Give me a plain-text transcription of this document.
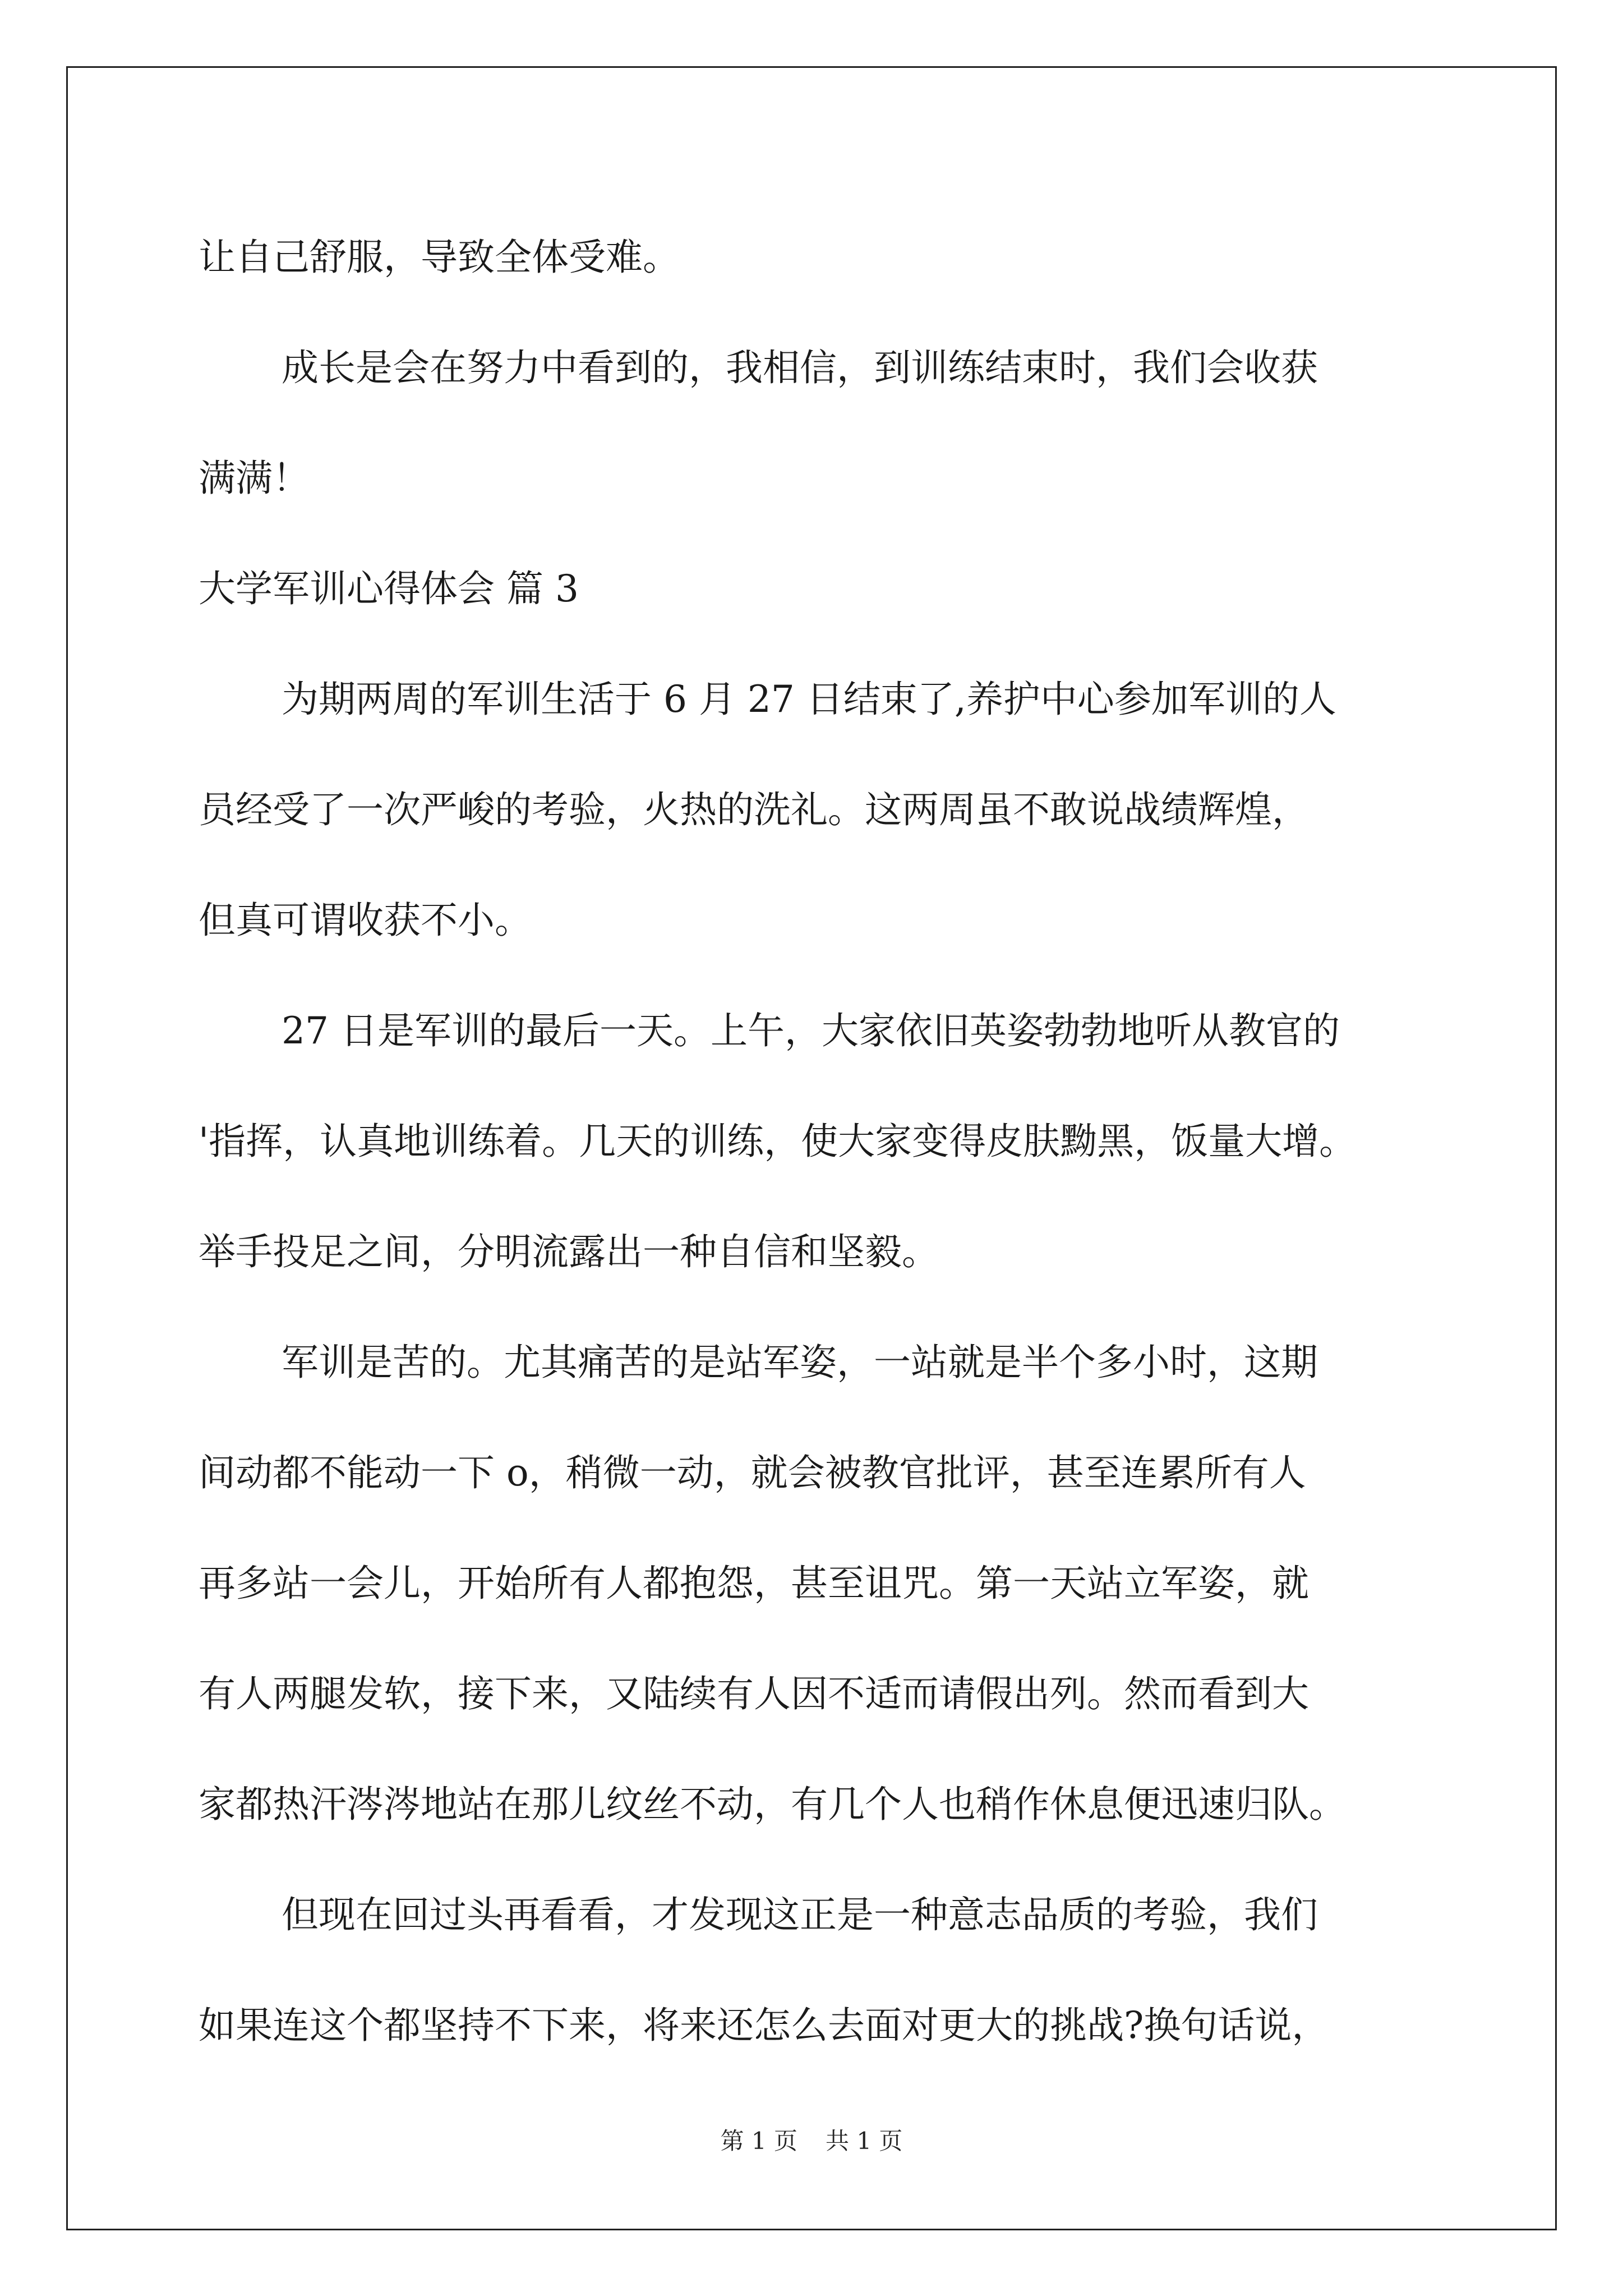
让自己舒服，导致全体受难。
成长是会在努力中看到的，我相信，到训练结束时，我们会收获
满满！
大学军训心得体会 篇 3
为期两周的军训生活于 6 月 27 日结束了,养护中心参加军训的人
员经受了一次严峻的考验，火热的洗礼。这两周虽不敢说战绩辉煌，
但真可谓收获不小。
27 日是军训的最后一天。上午，大家依旧英姿勃勃地听从教官的
'指挥，认真地训练着。几天的训练，使大家变得皮肤黝黑，饭量大增。
举手投足之间，分明流露出一种自信和坚毅。
军训是苦的。尤其痛苦的是站军姿，一站就是半个多小时，这期
间动都不能动一下 o，稍微一动，就会被教官批评，甚至连累所有人
再多站一会儿，开始所有人都抱怨，甚至诅咒。第一天站立军姿，就
有人两腿发软，接下来，又陆续有人因不适而请假出列。然而看到大
家都热汗涔涔地站在那儿纹丝不动，有几个人也稍作休息便迅速归队。
但现在回过头再看看，才发现这正是一种意志品质的考验，我们
如果连这个都坚持不下来，将来还怎么去面对更大的挑战?换句话说，
第 1 页 共 1 页
